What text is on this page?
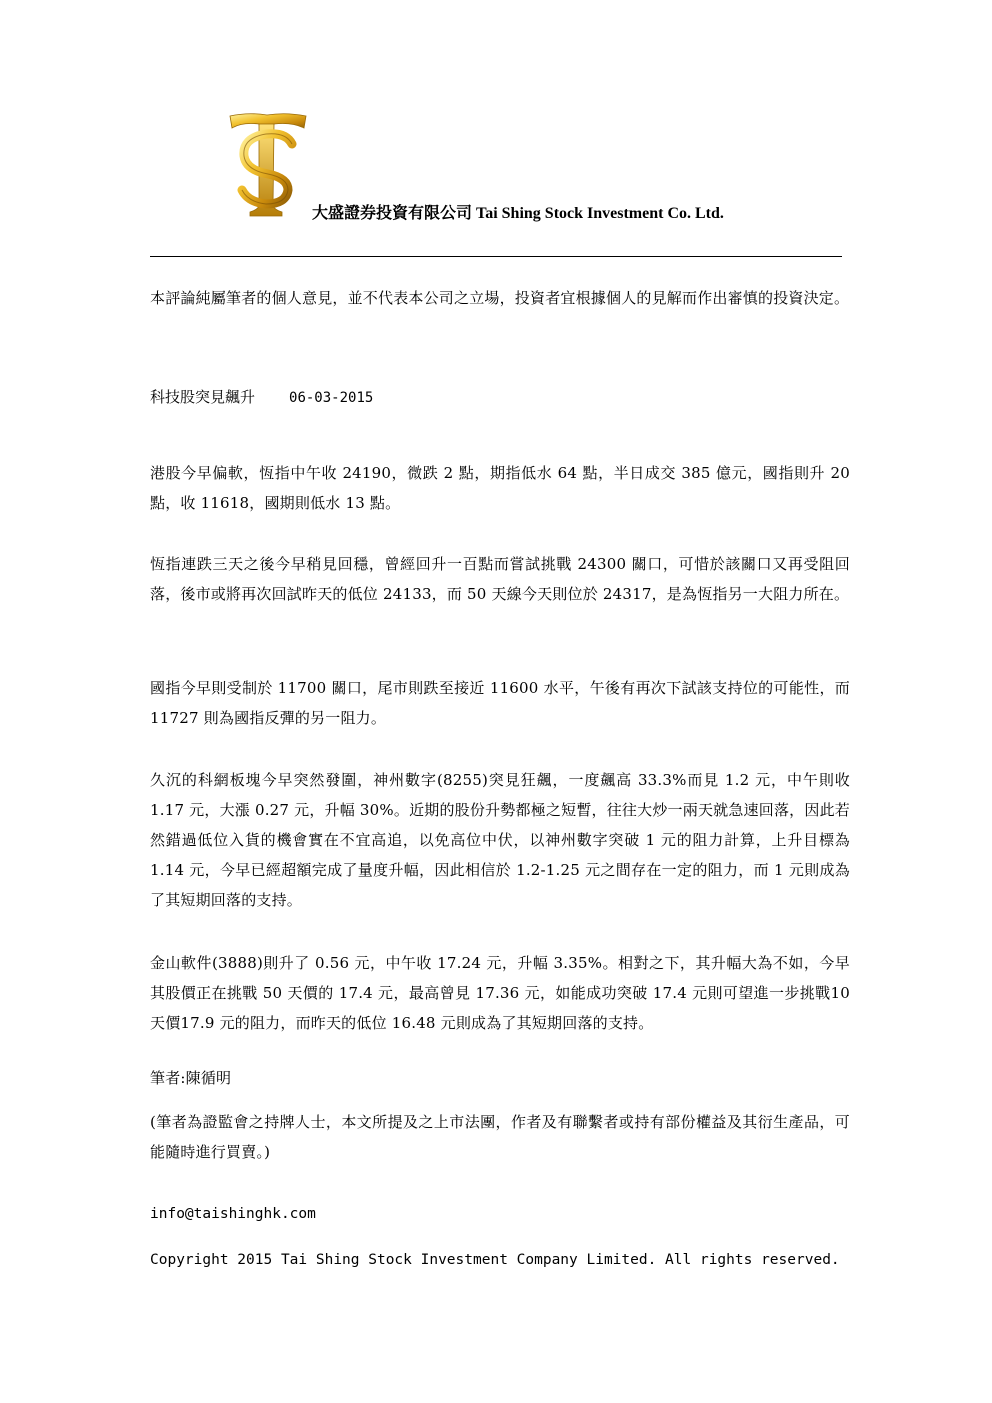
大盛證券投資有限公司 Tai Shing Stock Investment Co. Ltd.
本評論純屬筆者的個人意見，並不代表本公司之立場，投資者宜根據個人的見解而作出審慎的投資決定。
科技股突見飆升 06-03-2015
港股今早偏軟，恆指中午收 24190，微跌 2 點，期指低水 64 點，半日成交 385 億元，國指則升 20 點，收 11618，國期則低水 13 點。
恆指連跌三天之後今早稍見回穩，曾經回升一百點而嘗試挑戰 24300 關口，可惜於該關口又再受阻回落，後市或將再次回試昨天的低位 24133，而 50 天線今天則位於 24317，是為恆指另一大阻力所在。
國指今早則受制於 11700 關口，尾市則跌至接近 11600 水平，午後有再次下試該支持位的可能性，而 11727 則為國指反彈的另一阻力。
久沉的科網板塊今早突然發圍，神州數字(8255)突見狂飆，一度飆高 33.3%而見 1.2 元，中午則收 1.17 元，大漲 0.27 元，升幅 30%。近期的股份升勢都極之短暫，往往大炒一兩天就急速回落，因此若然錯過低位入貨的機會實在不宜高追，以免高位中伏，以神州數字突破 1 元的阻力計算，上升目標為 1.14 元，今早已經超額完成了量度升幅，因此相信於 1.2-1.25 元之間存在一定的阻力，而 1 元則成為了其短期回落的支持。
金山軟件(3888)則升了 0.56 元，中午收 17.24 元，升幅 3.35%。相對之下，其升幅大為不如，今早其股價正在挑戰 50 天價的 17.4 元，最高曾見 17.36 元，如能成功突破 17.4 元則可望進一步挑戰10 天價17.9 元的阻力，而昨天的低位 16.48 元則成為了其短期回落的支持。
筆者:陳循明
(筆者為證監會之持牌人士，本文所提及之上市法團，作者及有聯繫者或持有部份權益及其衍生產品，可能隨時進行買賣。)
info@taishinghk.com
Copyright 2015 Tai Shing Stock Investment Company Limited. All rights reserved.
